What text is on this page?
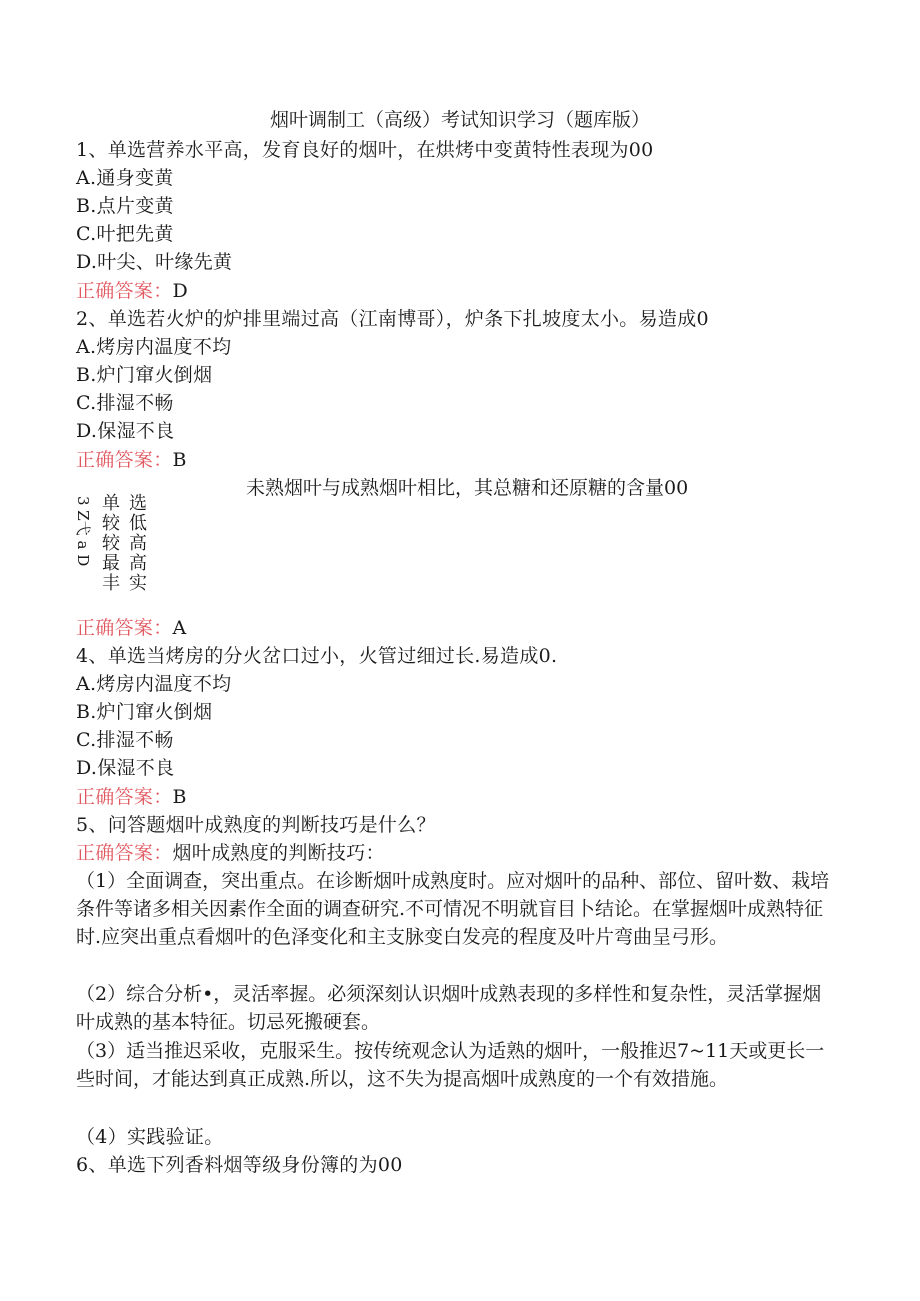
烟叶调制工（高级）考试知识学习（题库版）
1、单选营养水平高，发育良好的烟叶，在烘烤中变黄特性表现为00
A.通身变黄
B.点片变黄
C.叶把先黄
D.叶尖、叶缘先黄
正确答案：D
2、单选若火炉的炉排里端过高（江南博哥），炉条下扎坡度太小。易造成0
A.烤房内温度不均
B.炉门窜火倒烟
C.排湿不畅
D.保湿不良
正确答案：B
未熟烟叶与成熟烟叶相比，其总糖和还原糖的含量00
3 Z弋 a D 单
较
较
最
丰
选
低
高
高
实
正确答案：A
4、单选当烤房的分火岔口过小，火管过细过长.易造成0.
A.烤房内温度不均
B.炉门窜火倒烟
C.排湿不畅
D.保湿不良
正确答案：B
5、问答题烟叶成熟度的判断技巧是什么？
正确答案：烟叶成熟度的判断技巧：
（1）全面调查，突出重点。在诊断烟叶成熟度时。应对烟叶的品种、部位、留叶数、栽培条件等诸多相关因素作全面的调查研究.不可情况不明就盲目卜结论。在掌握烟叶成熟特征时.应突出重点看烟叶的色泽变化和主支脉变白发亮的程度及叶片弯曲呈弓形。
（2）综合分析•，灵活率握。必须深刻认识烟叶成熟表现的多样性和复杂性，灵活掌握烟叶成熟的基本特征。切忌死搬硬套。
（3）适当推迟采收，克服采生。按传统观念认为适熟的烟叶，一般推迟7~11天或更长一些时间，才能达到真正成熟.所以，这不失为提高烟叶成熟度的一个有效措施。
（4）实践验证。
6、单选下列香料烟等级身份簿的为00
